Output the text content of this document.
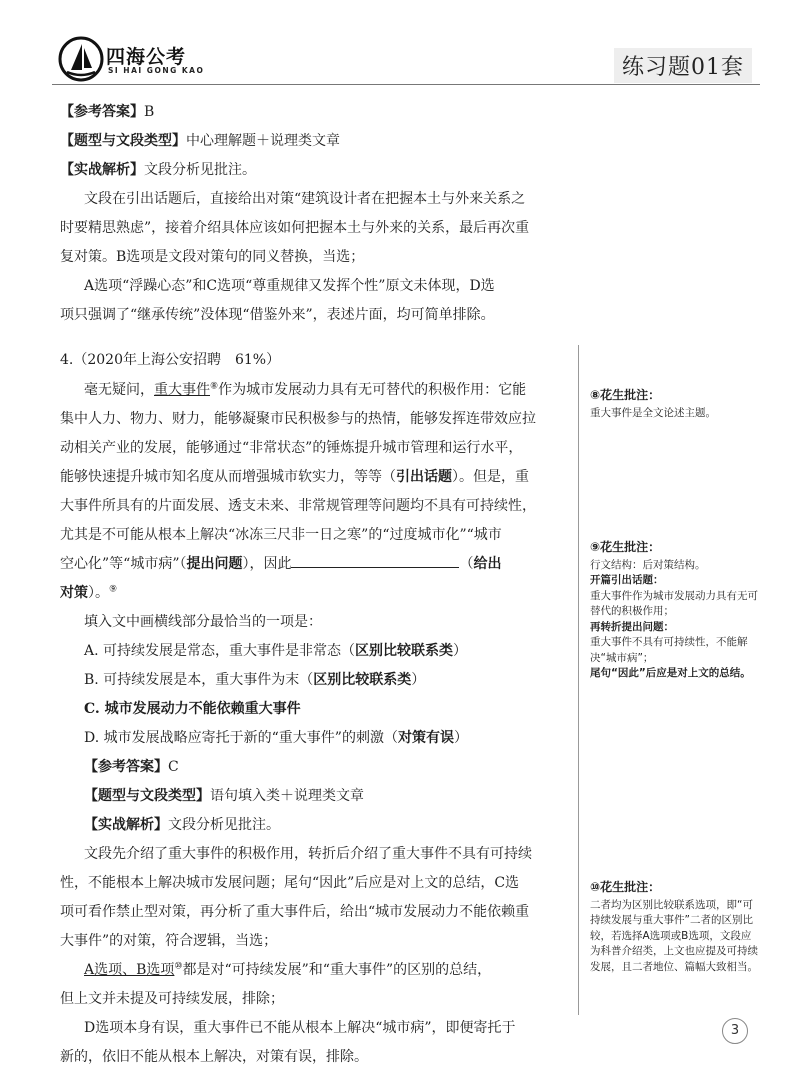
四海公考
SI HAI GONG KAO	练习题01套
【参考答案】B
【题型与文段类型】中心理解题＋说理类文章
【实战解析】文段分析见批注。
文段在引出话题后，直接给出对策“建筑设计者在把握本土与外来关系之
时要精思熟虑”，接着介绍具体应该如何把握本土与外来的关系，最后再次重
复对策。B选项是文段对策句的同义替换，当选；
A选项“浮躁心态”和C选项“尊重规律又发挥个性”原文未体现，D选
项只强调了“继承传统”没体现“借鉴外来”，表述片面，均可简单排除。
4.（2020年上海公安招聘　61%）
毫无疑问，重大事件⑧作为城市发展动力具有无可替代的积极作用：它能
集中人力、物力、财力，能够凝聚市民积极参与的热情，能够发挥连带效应拉
动相关产业的发展，能够通过“非常状态”的锤炼提升城市管理和运行水平，
能够快速提升城市知名度从而增强城市软实力，等等（引出话题）。但是，重
大事件所具有的片面发展、透支未来、非常规管理等问题均不具有可持续性，
尤其是不可能从根本上解决“冰冻三尺非一日之寒”的“过度城市化”“城市
空心化”等“城市病”（提出问题），因此	（给出
对策）。⑨
填入文中画横线部分最恰当的一项是：
A. 可持续发展是常态，重大事件是非常态（区别比较联系类）
B. 可持续发展是本，重大事件为末（区别比较联系类）
C. 城市发展动力不能依赖重大事件
D. 城市发展战略应寄托于新的“重大事件”的刺激（对策有误）
【参考答案】C
【题型与文段类型】语句填入类＋说理类文章
【实战解析】文段分析见批注。
文段先介绍了重大事件的积极作用，转折后介绍了重大事件不具有可持续
性，不能根本上解决城市发展问题；尾句“因此”后应是对上文的总结，C选
项可看作禁止型对策，再分析了重大事件后，给出“城市发展动力不能依赖重
大事件”的对策，符合逻辑，当选；
A选项、B选项⑩都是对“可持续发展”和“重大事件”的区别的总结，
但上文并未提及可持续发展，排除；
D选项本身有误，重大事件已不能从根本上解决“城市病”，即便寄托于
新的，依旧不能从根本上解决，对策有误，排除。
⑧花生批注：

重大事件是全文论述主题。

⑨花生批注：

行文结构：后对策结构。

开篇引出话题：

重大事件作为城市发展动力具有无可替代的积极作用；

再转折提出问题：

重大事件不具有可持续性，不能解决“城市病”；

尾句“因此”后应是对上文的总结。

⑩花生批注：

二者均为区别比较联系选项，即“可持续发展与重大事件”二者的区别比较，若选择A选项或B选项，文段应为科普介绍类，上文也应提及可持续发展，且二者地位、篇幅大致相当。

3
